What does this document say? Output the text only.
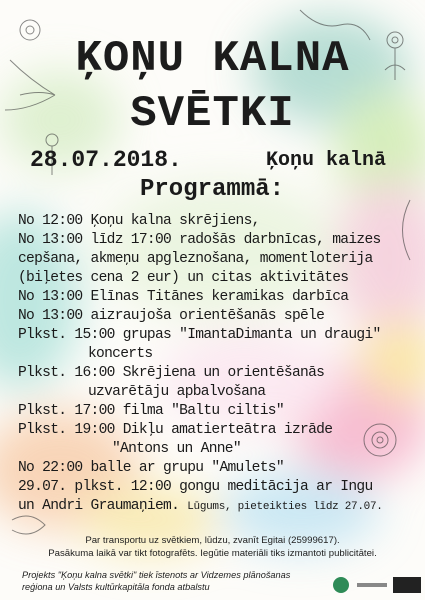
ĶOŅU KALNA
SVĒTKI
28.07.2018.	Ķoņu kalnā
Programmā:
No 12:00 Ķoņu kalna skrējiens,
No 13:00 līdz 17:00 radošās darbnīcas, maizes
cepšana, akmeņu apgleznošana, momentloterija
(biļetes cena 2 eur) un citas aktivitātes
No 13:00 Elīnas Titānes keramikas darbīca
No 13:00 aizraujoša orientēšanās spēle
Plkst. 15:00 grupas "ImantaDimanta un draugi"
koncerts
Plkst. 16:00 Skrējiena un orientēšanās
uzvarētāju apbalvošana
Plkst. 17:00 filma "Baltu ciltis"
Plkst. 19:00 Dikļu amatierteātra izrāde
"Antons un Anne"
No 22:00 balle ar grupu "Amulets"
29.07. plkst. 12:00 gongu meditācija ar Ingu
un Andri Graumaņiem. Lūgums, pieteikties līdz 27.07.
Par transportu uz svētkiem, lūdzu, zvanīt Egitai (25999617).
Pasākuma laikā var tikt fotografēts. Iegūtie materiāli tiks izmantoti publicitātei.
Projekts "Ķoņu kalna svētki" tiek īstenots ar Vidzemes plānošanas
reģiona un Valsts kultūrkapitāla fonda atbalstu
